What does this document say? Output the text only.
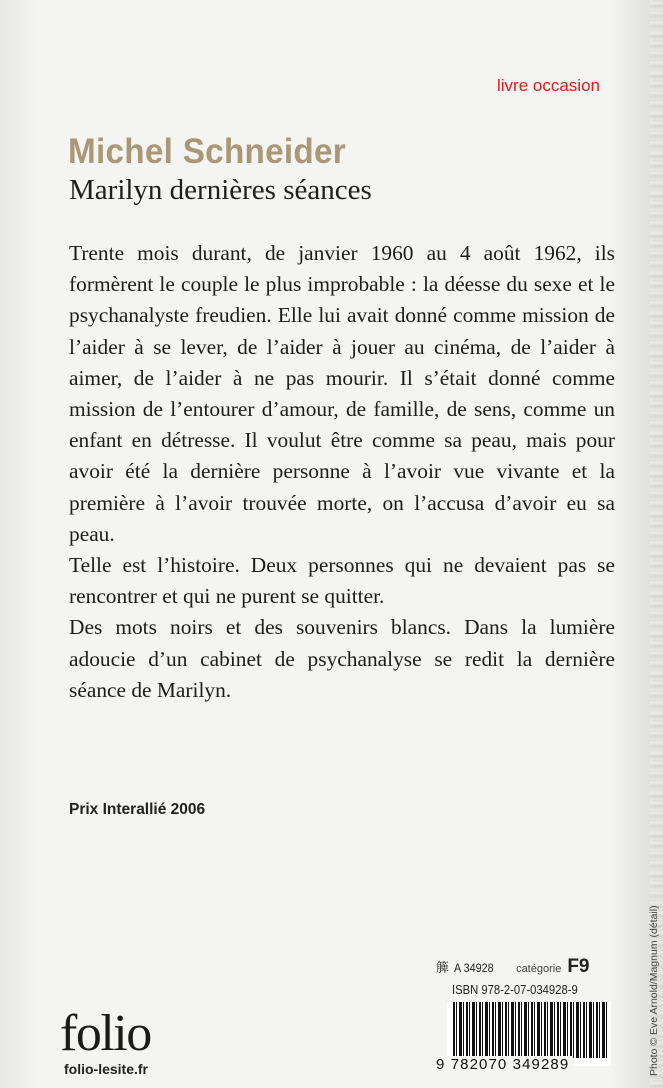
livre occasion
Michel Schneider
Marilyn dernières séances

Trente mois durant, de janvier 1960 au 4 août 1962, ils formèrent le couple le plus improbable : la déesse du sexe et le psychanalyste freudien. Elle lui avait donné comme mission de l’aider à se lever, de l’aider à jouer au cinéma, de l’aider à aimer, de l’aider à ne pas mourir. Il s’était donné comme mission de l’entourer d’amour, de famille, de sens, comme un enfant en détresse. Il voulut être comme sa peau, mais pour avoir été la dernière personne à l’avoir vue vivante et la première à l’avoir trouvée morte, on l’accusa d’avoir eu sa peau.

Telle est l’histoire. Deux personnes qui ne devaient pas se rencontrer et qui ne purent se quitter.

Des mots noirs et des souvenirs blancs. Dans la lumière adoucie d’un cabinet de psychanalyse se redit la dernière séance de Marilyn.

Prix Interallié 2006
簲 A 34928 catégorie F9
ISBN 978-2-07-034928-9
9 782070 349289
folio
folio-lesite.fr	Photo © Eve Arnold/Magnum (détail)
